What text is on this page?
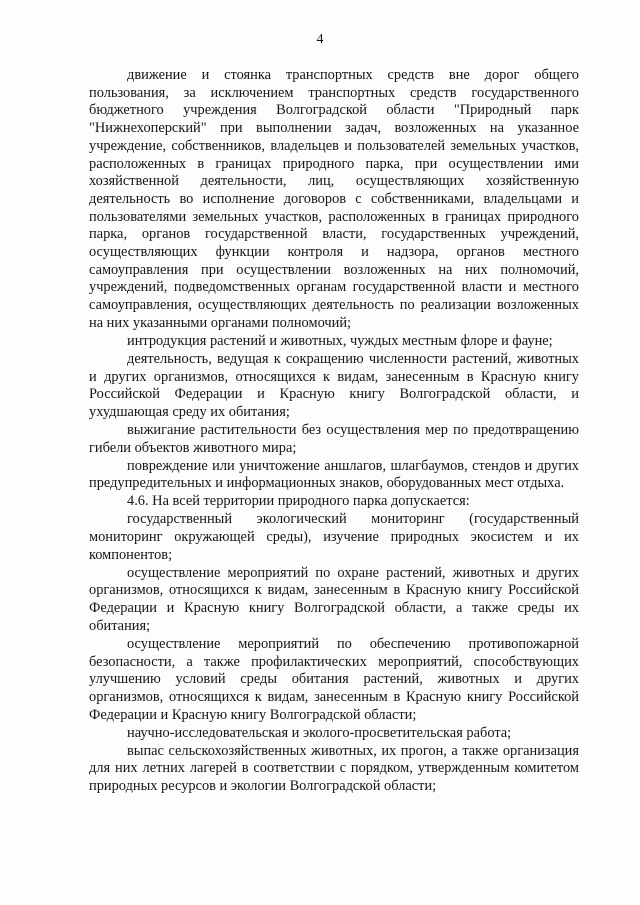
4

движение и стоянка транспортных средств вне дорог общего пользования, за исключением транспортных средств государственного бюджетного учреждения Волгоградской области "Природный парк "Нижнехоперский" при выполнении задач, возложенных на указанное учреждение, собственников, владельцев и пользователей земельных участков, расположенных в границах природного парка, при осуществлении ими хозяйственной деятельности, лиц, осуществляющих хозяйственную деятельность во исполнение договоров с собственниками, владельцами и пользователями земельных участков, расположенных в границах природного парка, органов государственной власти, государственных учреждений, осуществляющих функции контроля и надзора, органов местного самоуправления при осуществлении возложенных на них полномочий, учреждений, подведомственных органам государственной власти и местного самоуправления, осуществляющих деятельность по реализации возложенных на них указанными органами полномочий;

интродукция растений и животных, чуждых местным флоре и фауне;

деятельность, ведущая к сокращению численности растений, животных и других организмов, относящихся к видам, занесенным в Красную книгу Российской Федерации и Красную книгу Волгоградской области, и ухудшающая среду их обитания;

выжигание растительности без осуществления мер по предотвращению гибели объектов животного мира;

повреждение или уничтожение аншлагов, шлагбаумов, стендов и других предупредительных и информационных знаков, оборудованных мест отдыха.

4.6. На всей территории природного парка допускается:

государственный экологический мониторинг (государственный мониторинг окружающей среды), изучение природных экосистем и их компонентов;

осуществление мероприятий по охране растений, животных и других организмов, относящихся к видам, занесенным в Красную книгу Российской Федерации и Красную книгу Волгоградской области, а также среды их обитания;

осуществление мероприятий по обеспечению противопожарной безопасности, а также профилактических мероприятий, способствующих улучшению условий среды обитания растений, животных и других организмов, относящихся к видам, занесенным в Красную книгу Российской Федерации и Красную книгу Волгоградской области;

научно-исследовательская и эколого-просветительская работа;

выпас сельскохозяйственных животных, их прогон, а также организация для них летних лагерей в соответствии с порядком, утвержденным комитетом природных ресурсов и экологии Волгоградской области;
